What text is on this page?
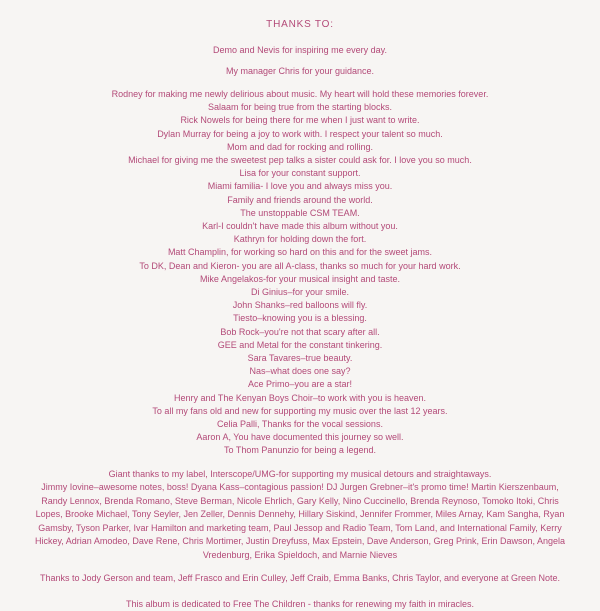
THANKS TO:

Demo and Nevis for inspiring me every day.

My manager Chris for your guidance.

Rodney for making me newly delirious about music. My heart will hold these memories forever.
Salaam for being true from the starting blocks.
Rick Nowels for being there for me when I just want to write.
Dylan Murray for being a joy to work with. I respect your talent so much.
Mom and dad for rocking and rolling.
Michael for giving me the sweetest pep talks a sister could ask for. I love you so much.
Lisa for your constant support.
Miami familia- I love you and always miss you.
Family and friends around the world.
The unstoppable CSM TEAM.
Karl-I couldn't have made this album without you.
Kathryn for holding down the fort.
Matt Champlin, for working so hard on this and for the sweet jams.
To DK, Dean and Kieron- you are all A-class, thanks so much for your hard work.
Mike Angelakos-for your musical insight and taste.
Di Ginius–for your smile.
John Shanks–red balloons will fly.
Tiesto–knowing you is a blessing.
Bob Rock–you're not that scary after all.
GEE and Metal for the constant tinkering.
Sara Tavares–true beauty.
Nas–what does one say?
Ace Primo–you are a star!
Henry and The Kenyan Boys Choir–to work with you is heaven.
To all my fans old and new for supporting my music over the last 12 years.
Celia Palli, Thanks for the vocal sessions.
Aaron A, You have documented this journey so well.
To Thom Panunzio for being a legend.
Giant thanks to my label, Interscope/UMG-for supporting my musical detours and straightaways.
Jimmy Iovine–awesome notes, boss! Dyana Kass–contagious passion! DJ Jurgen Grebner–it's promo time! Martin Kierszenbaum,
Randy Lennox, Brenda Romano, Steve Berman, Nicole Ehrlich, Gary Kelly, Nino Cuccinello, Brenda Reynoso, Tomoko Itoki, Chris
Lopes, Brooke Michael, Tony Seyler, Jen Zeller, Dennis Dennehy, Hillary Siskind, Jennifer Frommer, Miles Arnay, Kam Sangha, Ryan
Gamsby, Tyson Parker, Ivar Hamilton and marketing team, Paul Jessop and Radio Team, Tom Land, and International Family, Kerry
Hickey, Adrian Amodeo, Dave Rene, Chris Mortimer, Justin Dreyfuss, Max Epstein, Dave Anderson, Greg Prink, Erin Dawson, Angela
Vredenburg, Erika Spieldoch, and Marnie Nieves

Thanks to Jody Gerson and team, Jeff Frasco and Erin Culley, Jeff Craib, Emma Banks, Chris Taylor, and everyone at Green Note.

This album is dedicated to Free The Children - thanks for renewing my faith in miracles.
